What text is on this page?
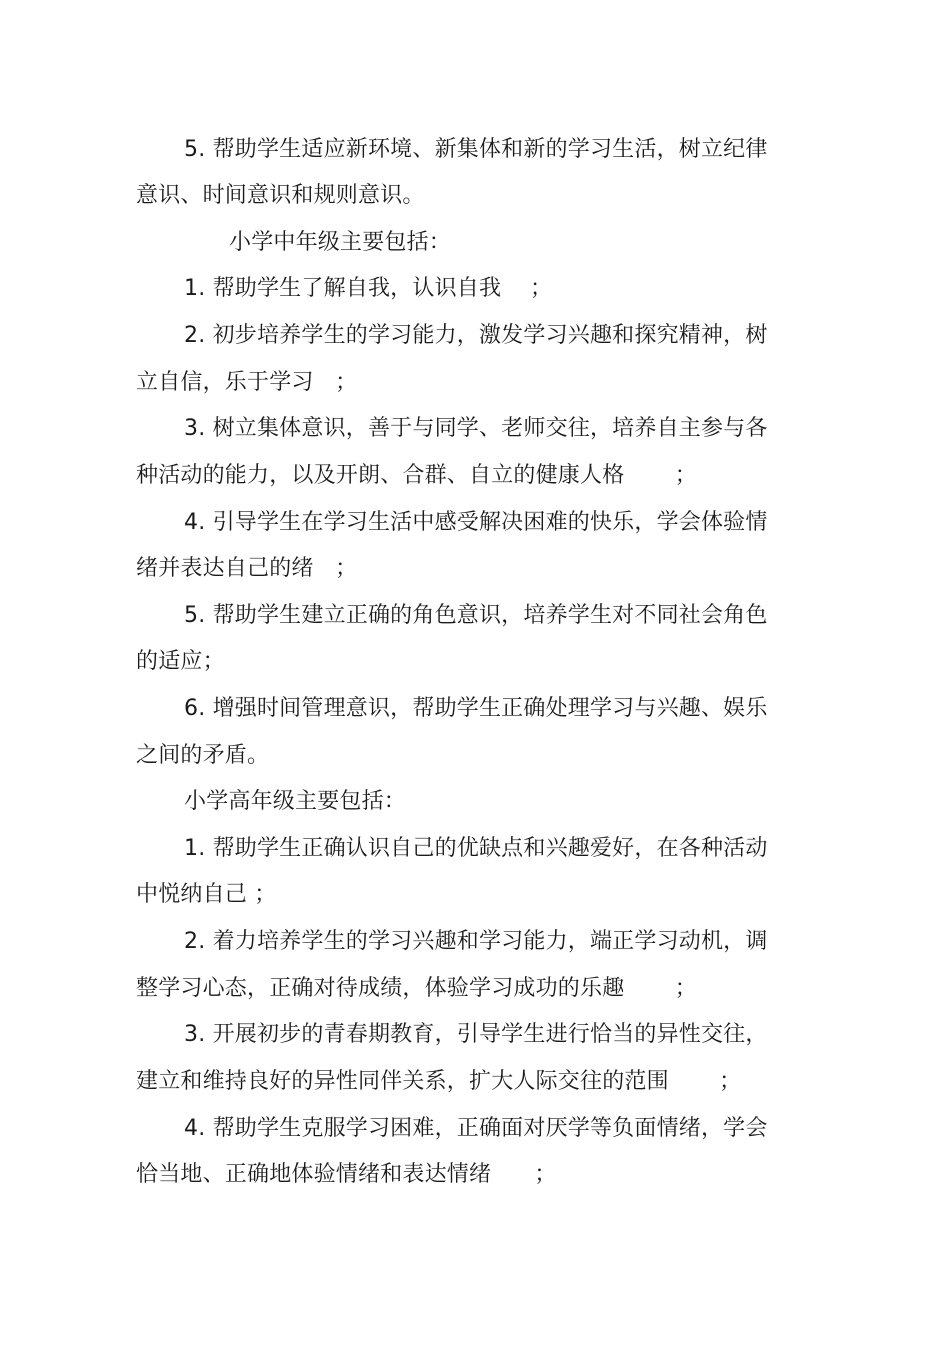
5. 帮助学生适应新环境、新集体和新的学习生活，树立纪律
意识、时间意识和规则意识。
小学中年级主要包括：
1. 帮助学生了解自我，认识自我    ；
2. 初步培养学生的学习能力，激发学习兴趣和探究精神，树
立自信，乐于学习   ；
3. 树立集体意识，善于与同学、老师交往，培养自主参与各
种活动的能力，以及开朗、合群、自立的健康人格       ；
4. 引导学生在学习生活中感受解决困难的快乐，学会体验情
绪并表达自己的绪   ；
5. 帮助学生建立正确的角色意识，培养学生对不同社会角色
的适应；
6. 增强时间管理意识，帮助学生正确处理学习与兴趣、娱乐
之间的矛盾。
小学高年级主要包括：
1. 帮助学生正确认识自己的优缺点和兴趣爱好，在各种活动
中悦纳自己 ；
2. 着力培养学生的学习兴趣和学习能力，端正学习动机，调
整学习心态，正确对待成绩，体验学习成功的乐趣       ；
3. 开展初步的青春期教育，引导学生进行恰当的异性交往，
建立和维持良好的异性同伴关系，扩大人际交往的范围       ；
4. 帮助学生克服学习困难，正确面对厌学等负面情绪，学会
恰当地、正确地体验情绪和表达情绪      ；
